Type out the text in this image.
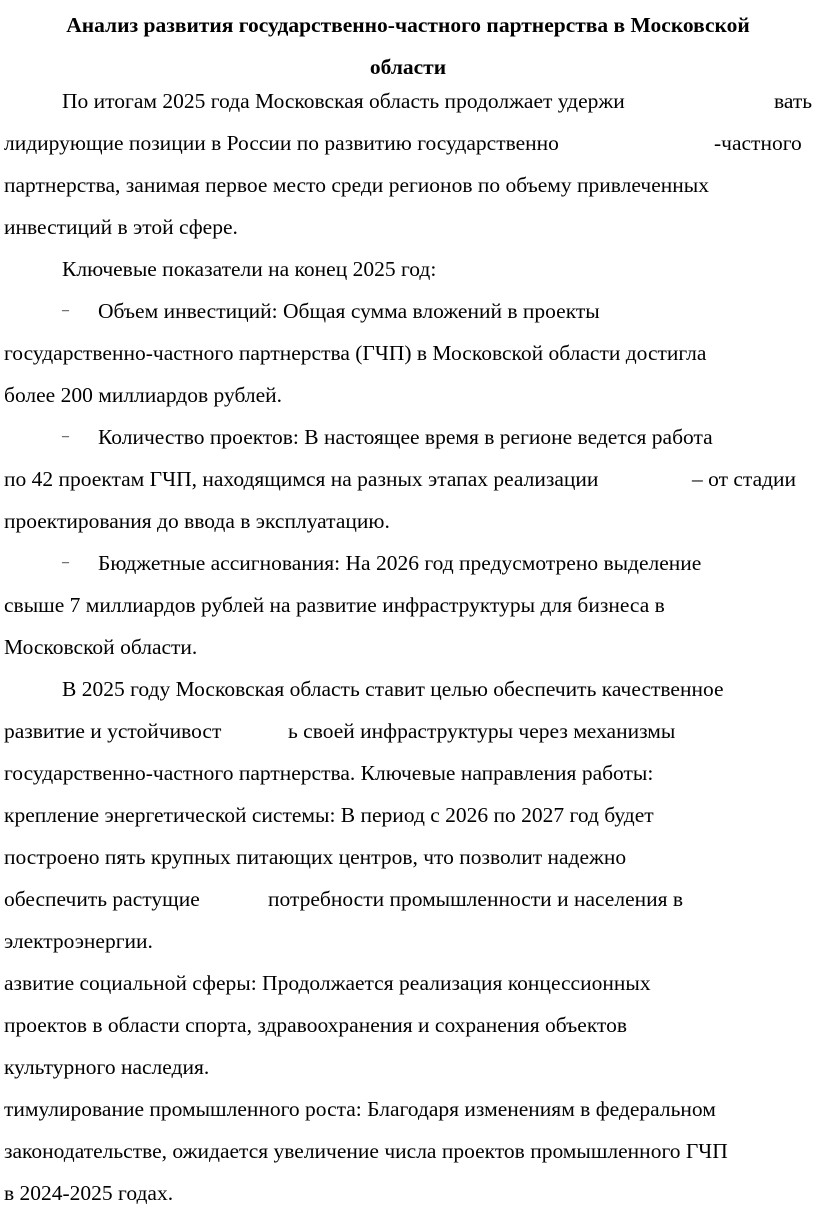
Анализ развития государственно-частного партнерства в Московской
области
По итогам 2025 года Московская область продолжает удержи	вать
лидирующие позиции в России по развитию государственно	-частного
партнерства, занимая первое место среди регионов по объему привлеченных
инвестиций в этой сфере.
Ключевые показатели на конец 2025 год:
– Объем инвестиций: Общая сумма вложений в проекты
государственно-частного партнерства (ГЧП) в Московской области достигла
более 200 миллиардов рублей.
– Количество проектов: В настоящее время в регионе ведется работа
по 42 проектам ГЧП, находящимся на разных этапах реализации	– от стадии
проектирования до ввода в эксплуатацию.
– Бюджетные ассигнования: На 2026 год предусмотрено выделение
свыше 7 миллиардов рублей на развитие инфраструктуры для бизнеса в
Московской области.
В 2025 году Московская область ставит целью обеспечить качественное
развитие и устойчивост	ь своей инфраструктуры через механизмы
государственно-частного партнерства. Ключевые направления работы:
крепление энергетической системы: В период с 2026 по 2027 год будет
построено пять крупных питающих центров, что позволит надежно
обеспечить растущие	потребности промышленности и населения в
электроэнергии.
азвитие социальной сферы: Продолжается реализация концессионных
проектов в области спорта, здравоохранения и сохранения объектов
культурного наследия.
тимулирование промышленного роста: Благодаря изменениям в федеральном
законодательстве, ожидается увеличение числа проектов промышленного ГЧП
в 2024-2025 годах.
